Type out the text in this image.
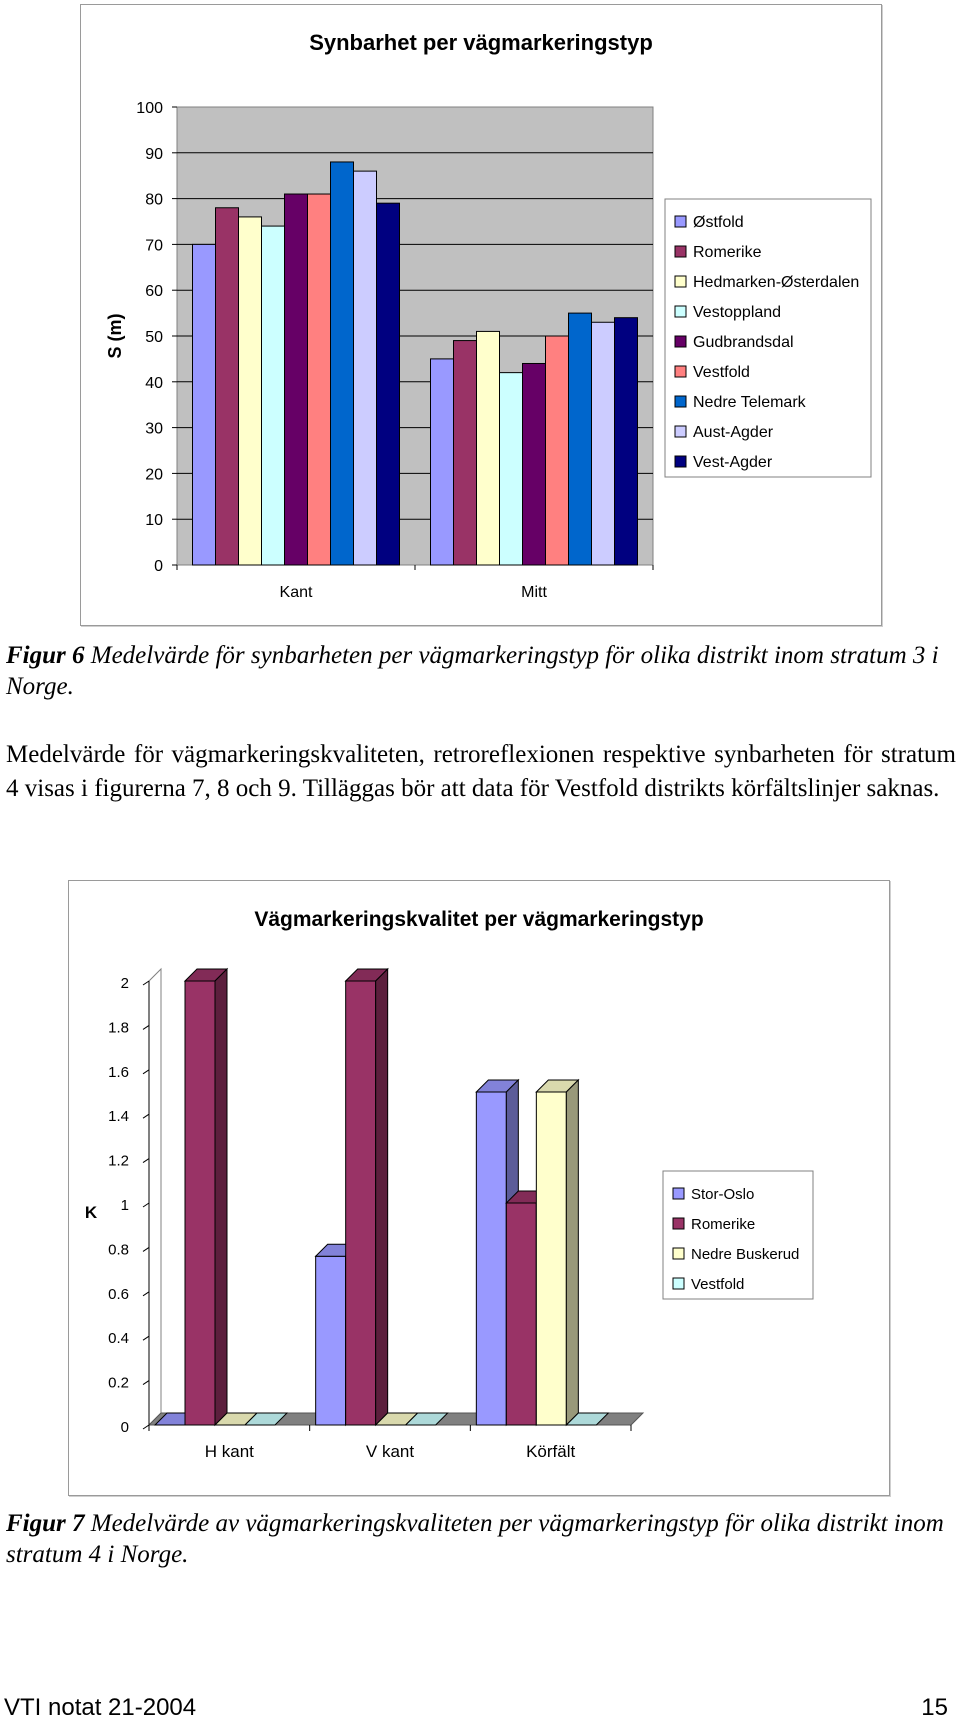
Synbarhet per vägmarkeringstyp
0
10
20
30
40
50
60
70
80
90
100
S (m)
Kant	Mitt
Østfold
Romerike
Hedmarken-Østerdalen
Vestoppland
Gudbrandsdal
Vestfold
Nedre Telemark
Aust-Agder
Vest-Agder
Figur 6 Medelvärde för synbarheten per vägmarkeringstyp för olika distrikt inom stratum 3 i Norge.
Medelvärde för vägmarkeringskvaliteten, retroreflexionen respektive synbarheten för stratum 4 visas i figurerna 7, 8 och 9. Tilläggas bör att data för Vestfold distrikts körfältslinjer saknas.
Vägmarkeringskvalitet per vägmarkeringstyp
0
0.2
0.4
0.6
0.8
1
1.2
1.4
1.6
1.8
2
K
H kant	V kant	Körfält
Stor-Oslo
Romerike
Nedre Buskerud
Vestfold
Figur 7 Medelvärde av vägmarkeringskvaliteten per vägmarkeringstyp för olika distrikt inom stratum 4 i Norge.
VTI notat 21-2004	15
